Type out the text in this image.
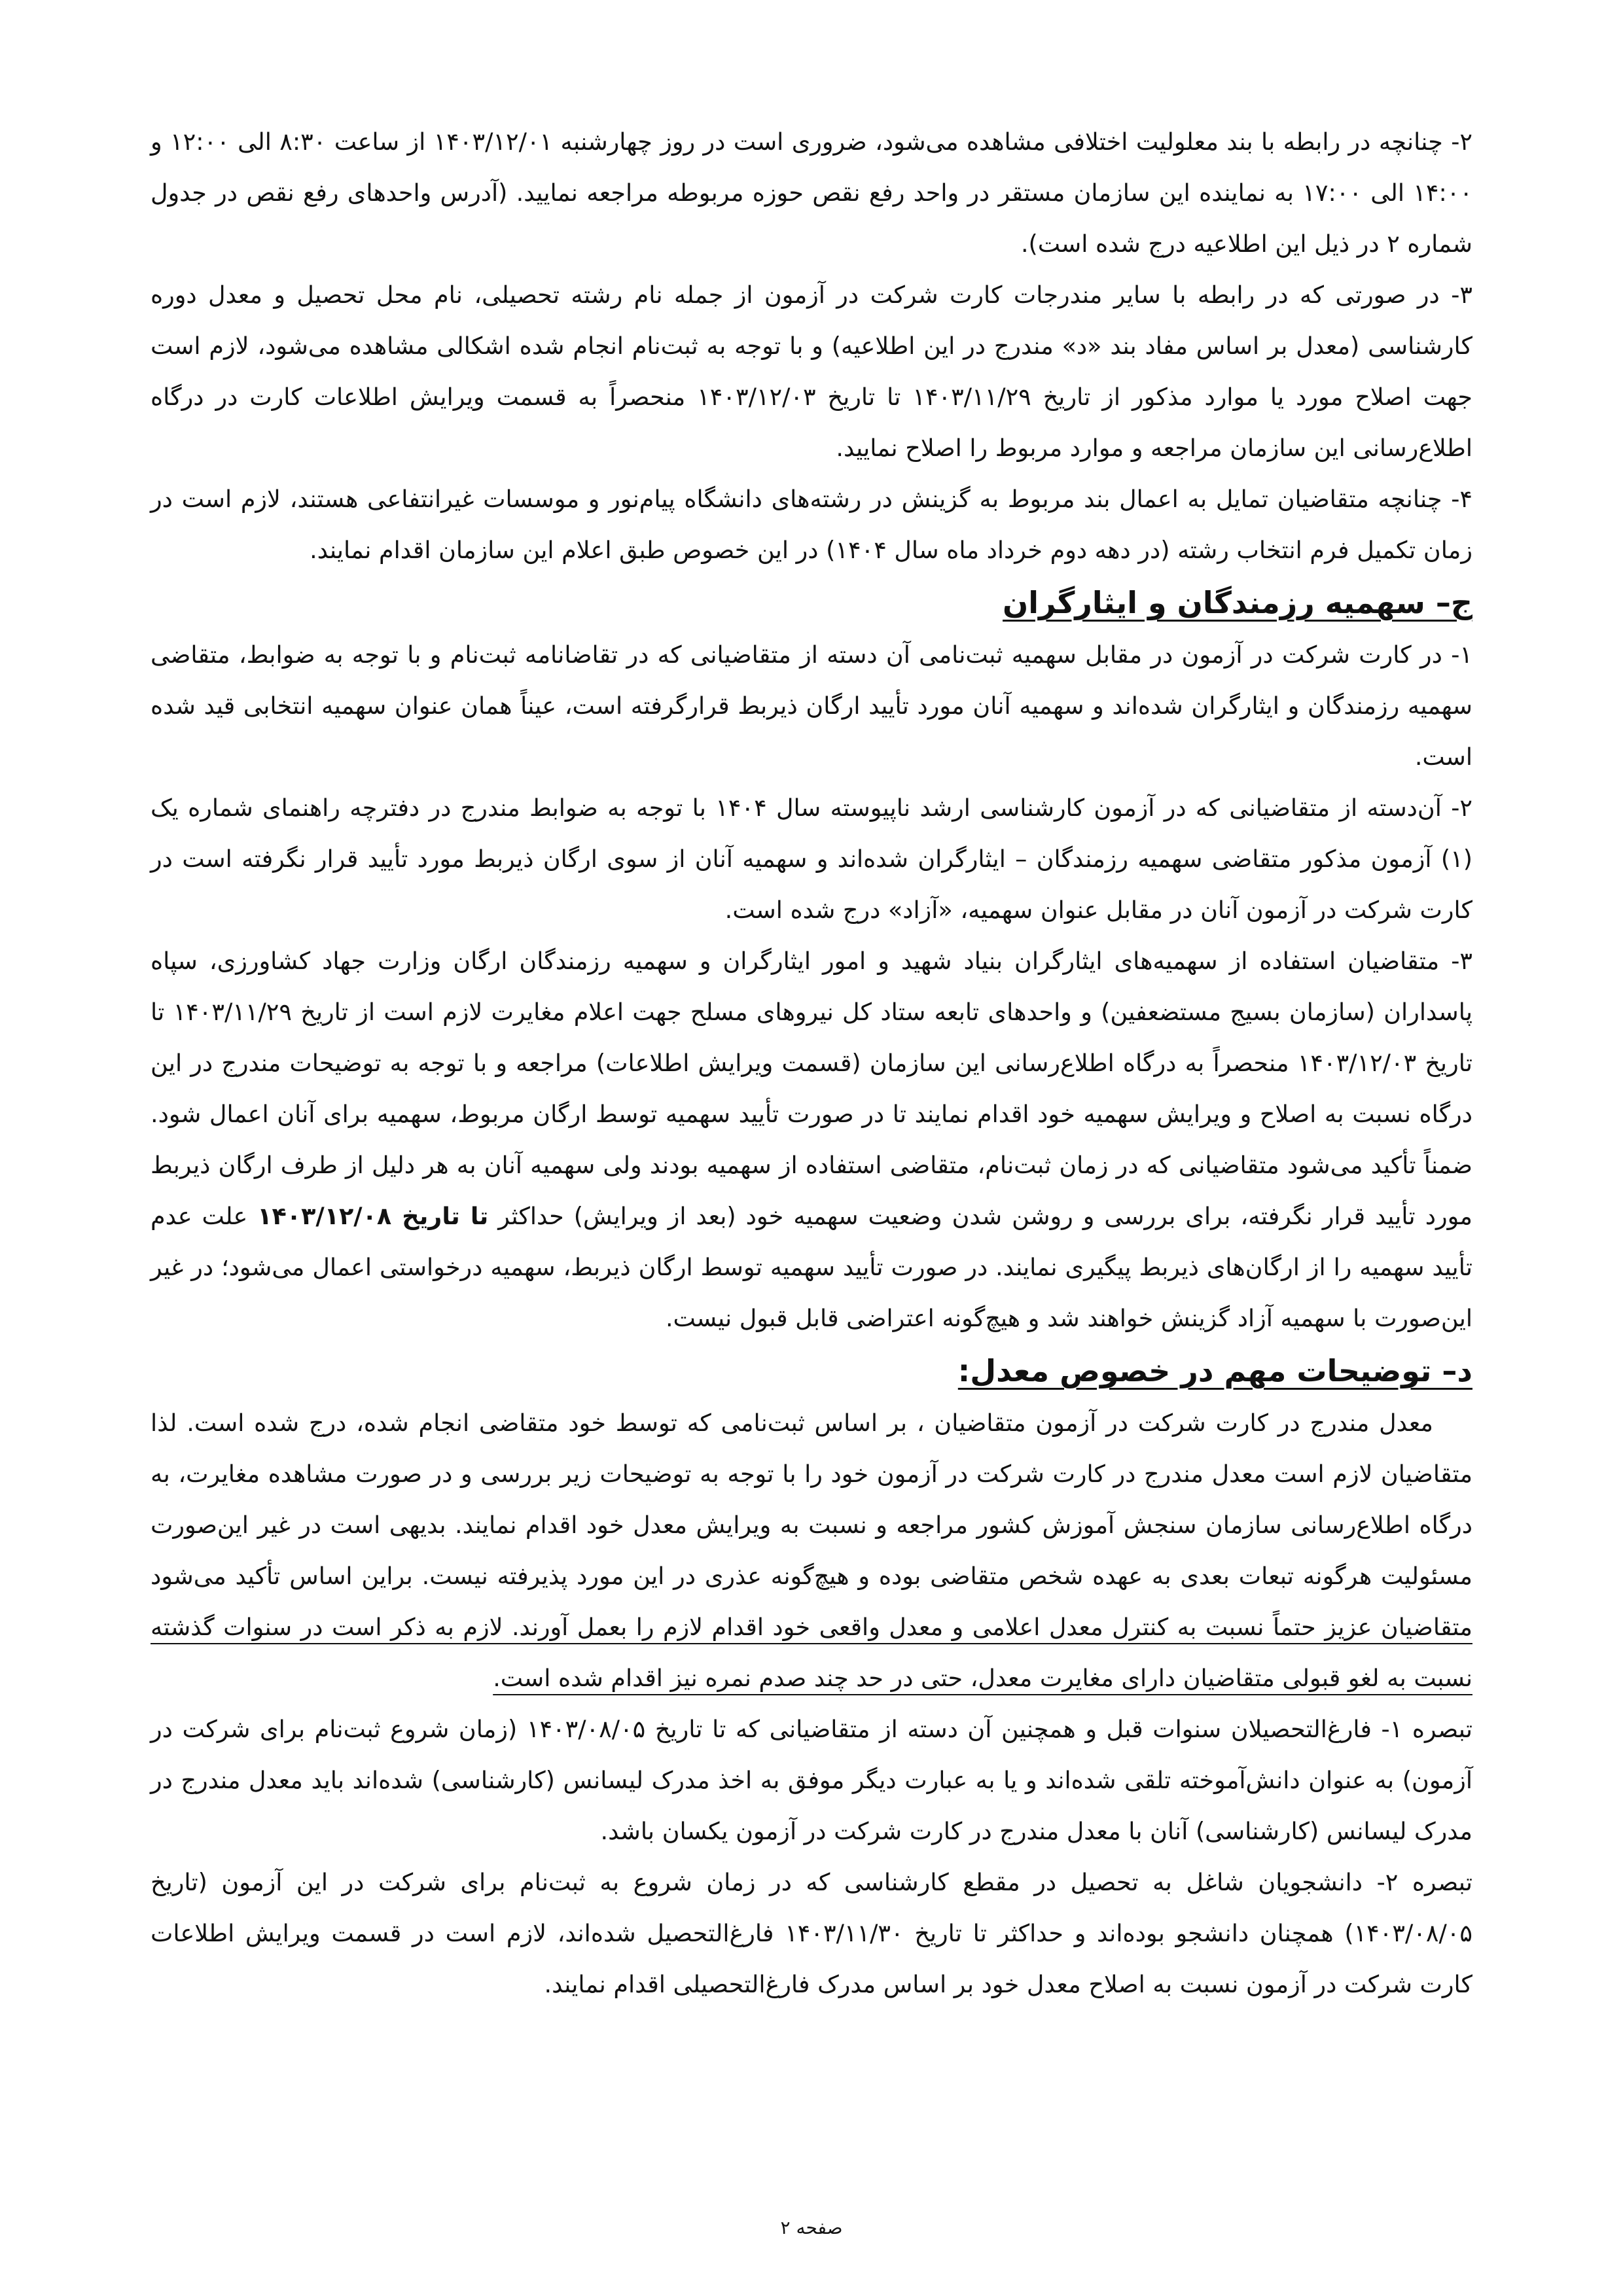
۲- چنانچه در رابطه با بند معلولیت اختلافی مشاهده می‌شود، ضروری است در روز چهارشنبه ۱۴۰۳/۱۲/۰۱ از ساعت ۸:۳۰ الی ۱۲:۰۰ و ۱۴:۰۰ الی ۱۷:۰۰ به نماینده این سازمان مستقر در واحد رفع نقص حوزه مربوطه مراجعه نمایید. (آدرس واحدهای رفع نقص در جدول شماره ۲ در ذیل این اطلاعیه درج شده است).

۳- در صورتی که در رابطه با سایر مندرجات کارت شرکت در آزمون از جمله نام رشته تحصیلی، نام محل تحصیل و معدل دوره کارشناسی (معدل بر اساس مفاد بند «د» مندرج در این اطلاعیه) و با توجه به ثبت‌نام انجام شده اشکالی مشاهده می‌شود، لازم است جهت اصلاح مورد یا موارد مذکور از تاریخ ۱۴۰۳/۱۱/۲۹ تا تاریخ ۱۴۰۳/۱۲/۰۳ منحصراً به قسمت ویرایش اطلاعات کارت در درگاه اطلاع‌رسانی این سازمان مراجعه و موارد مربوط را اصلاح نمایید.

۴- چنانچه متقاضیان تمایل به اعمال بند مربوط به گزینش در رشته‌های دانشگاه پیام‌نور و موسسات غیرانتفاعی هستند، لازم است در زمان تکمیل فرم انتخاب رشته (در دهه دوم خرداد ماه سال ۱۴۰۴) در این خصوص طبق اعلام این سازمان اقدام نمایند.

ج– سهمیه رزمندگان و ایثارگران

۱- در کارت شرکت در آزمون در مقابل سهمیه ثبت‌نامی آن دسته از متقاضیانی که در تقاضانامه ثبت‌نام و با توجه به ضوابط، متقاضی سهمیه رزمندگان و ایثارگران شده‌اند و سهمیه آنان مورد تأیید ارگان ذیربط قرارگرفته است، عیناً همان عنوان سهمیه انتخابی قید شده است.

۲- آن‌دسته از متقاضیانی که در آزمون کارشناسی ارشد ناپیوسته سال ۱۴۰۴ با توجه به ضوابط مندرج در دفترچه راهنمای شماره یک (۱) آزمون مذکور متقاضی سهمیه رزمندگان – ایثارگران شده‌اند و سهمیه آنان از سوی ارگان ذیربط مورد تأیید قرار نگرفته است در کارت شرکت در آزمون آنان در مقابل عنوان سهمیه، «آزاد» درج شده است.

۳- متقاضیان استفاده از سهمیه‌های ایثارگران بنیاد شهید و امور ایثارگران و سهمیه رزمندگان ارگان وزارت جهاد کشاورزی، سپاه پاسداران (سازمان بسیج مستضعفین) و واحدهای تابعه ستاد کل نیروهای مسلح جهت اعلام مغایرت لازم است از تاریخ ۱۴۰۳/۱۱/۲۹ تا تاریخ ۱۴۰۳/۱۲/۰۳ منحصراً به درگاه اطلاع‌رسانی این سازمان (قسمت ویرایش اطلاعات) مراجعه و با توجه به توضیحات مندرج در این درگاه نسبت به اصلاح و ویرایش سهمیه خود اقدام نمایند تا در صورت تأیید سهمیه توسط ارگان مربوط، سهمیه برای آنان اعمال شود. ضمناً تأکید می‌شود متقاضیانی که در زمان ثبت‌نام، متقاضی استفاده از سهمیه بودند ولی سهمیه آنان به هر دلیل از طرف ارگان ذیربط مورد تأیید قرار نگرفته، برای بررسی و روشن شدن وضعیت سهمیه خود (بعد از ویرایش) حداکثر تا تاریخ ۱۴۰۳/۱۲/۰۸ علت عدم تأیید سهمیه را از ارگان‌های ذیربط پیگیری نمایند. در صورت تأیید سهمیه توسط ارگان ذیربط، سهمیه درخواستی اعمال می‌شود؛ در غیر این‌صورت با سهمیه آزاد گزینش خواهند شد و هیچ‌گونه اعتراضی قابل قبول نیست.

د– توضیحات مهم در خصوص معدل:

معدل مندرج در کارت شرکت در آزمون متقاضیان ، بر اساس ثبت‌نامی که توسط خود متقاضی انجام شده، درج شده است. لذا متقاضیان لازم است معدل مندرج در کارت شرکت در آزمون خود را با توجه به توضیحات زیر بررسی و در صورت مشاهده مغایرت، به درگاه اطلاع‌رسانی سازمان سنجش آموزش کشور مراجعه و نسبت به ویرایش معدل خود اقدام نمایند. بدیهی است در غیر این‌صورت مسئولیت هرگونه تبعات بعدی به عهده شخص متقاضی بوده و هیچ‌گونه عذری در این مورد پذیرفته نیست. براین اساس تأکید می‌شود متقاضیان عزیز حتماً نسبت به کنترل معدل اعلامی و معدل واقعی خود اقدام لازم را بعمل آورند. لازم به ذکر است در سنوات گذشته نسبت به لغو قبولی متقاضیان دارای مغایرت معدل، حتی در حد چند صدم نمره نیز اقدام شده است.

تبصره ۱- فارغ‌التحصیلان سنوات قبل و همچنین آن دسته از متقاضیانی که تا تاریخ ۱۴۰۳/۰۸/۰۵ (زمان شروع ثبت‌نام برای شرکت در آزمون) به عنوان دانش‌آموخته تلقی شده‌اند و یا به عبارت دیگر موفق به اخذ مدرک لیسانس (کارشناسی) شده‌اند باید معدل مندرج در مدرک لیسانس (کارشناسی) آنان با معدل مندرج در کارت شرکت در آزمون یکسان باشد.

تبصره ۲- دانشجویان شاغل به تحصیل در مقطع کارشناسی که در زمان شروع به ثبت‌نام برای شرکت در این آزمون (تاریخ ۱۴۰۳/۰۸/۰۵) همچنان دانشجو بوده‌اند و حداکثر تا تاریخ ۱۴۰۳/۱۱/۳۰ فارغ‌التحصیل شده‌اند، لازم است در قسمت ویرایش اطلاعات کارت شرکت در آزمون نسبت به اصلاح معدل خود بر اساس مدرک فارغ‌التحصیلی اقدام نمایند.

صفحه ۲
